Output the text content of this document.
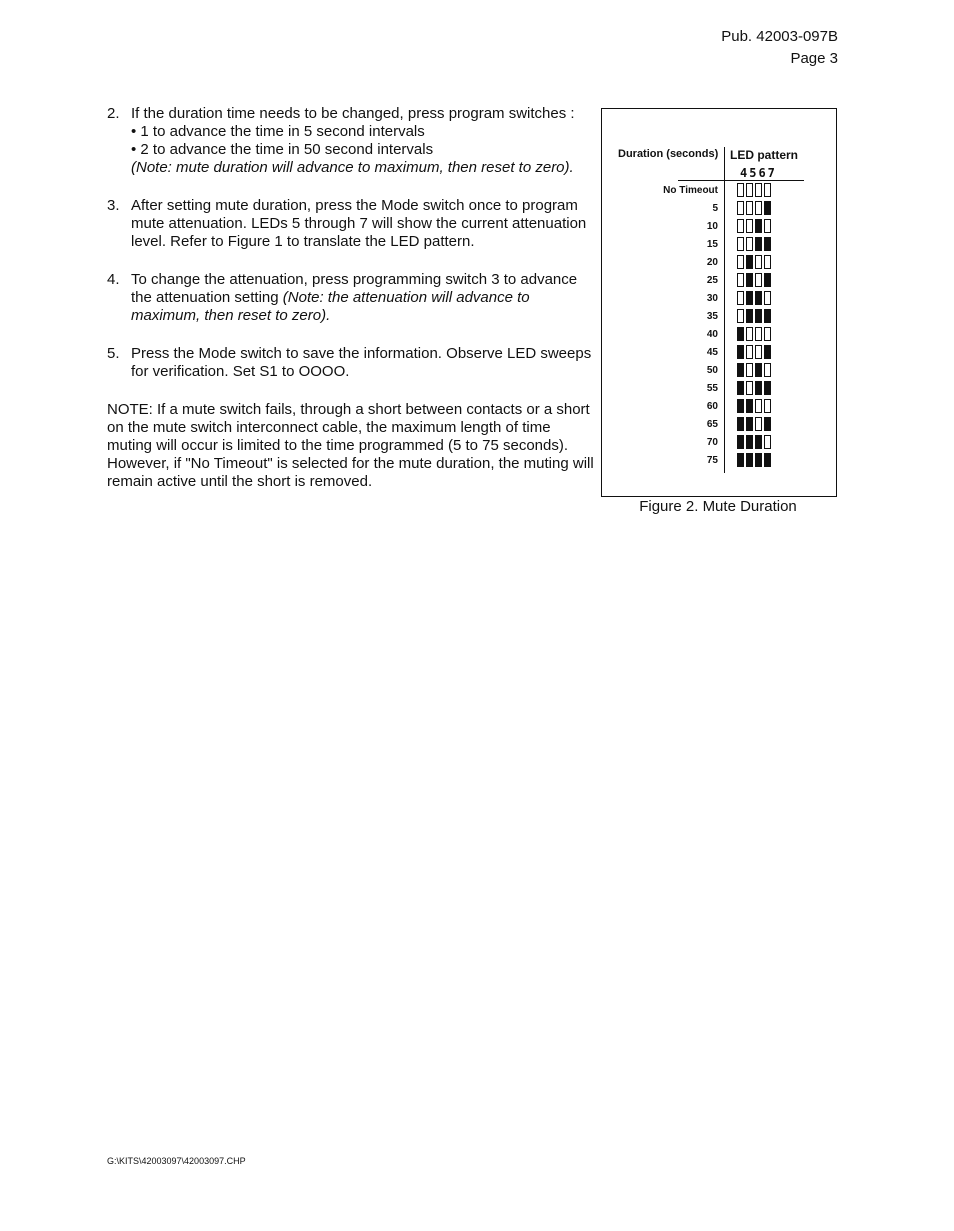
Pub. 42003-097B
Page 3
2. If the duration time needs to be changed, press program switches :

• 1 to advance the time in 5 second intervals

• 2 to advance the time in 50 second intervals

(Note: mute duration will advance to maximum, then reset to zero).

3. After setting mute duration, press the Mode switch once to program mute attenuation. LEDs 5 through 7 will show the current attenuation level. Refer to Figure 1 to translate the LED pattern.

4. To change the attenuation, press programming switch 3 to advance the attenuation setting (Note: the attenuation will advance to maximum, then reset to zero).

5. Press the Mode switch to save the information. Observe LED sweeps for verification. Set S1 to OOOO.

NOTE: If a mute switch fails, through a short between contacts or a short on the mute switch interconnect cable, the maximum length of time muting will occur is limited to the time programmed (5 to 75 seconds). However, if "No Timeout" is selected for the mute duration, the muting will remain active until the short is removed.

Duration (seconds) LED pattern
4567
No Timeout
5
10
15
20
25
30
35
40
45
50
55
60
65
70
75
Figure 2. Mute Duration
G:\KITS\42003097\42003097.CHP
